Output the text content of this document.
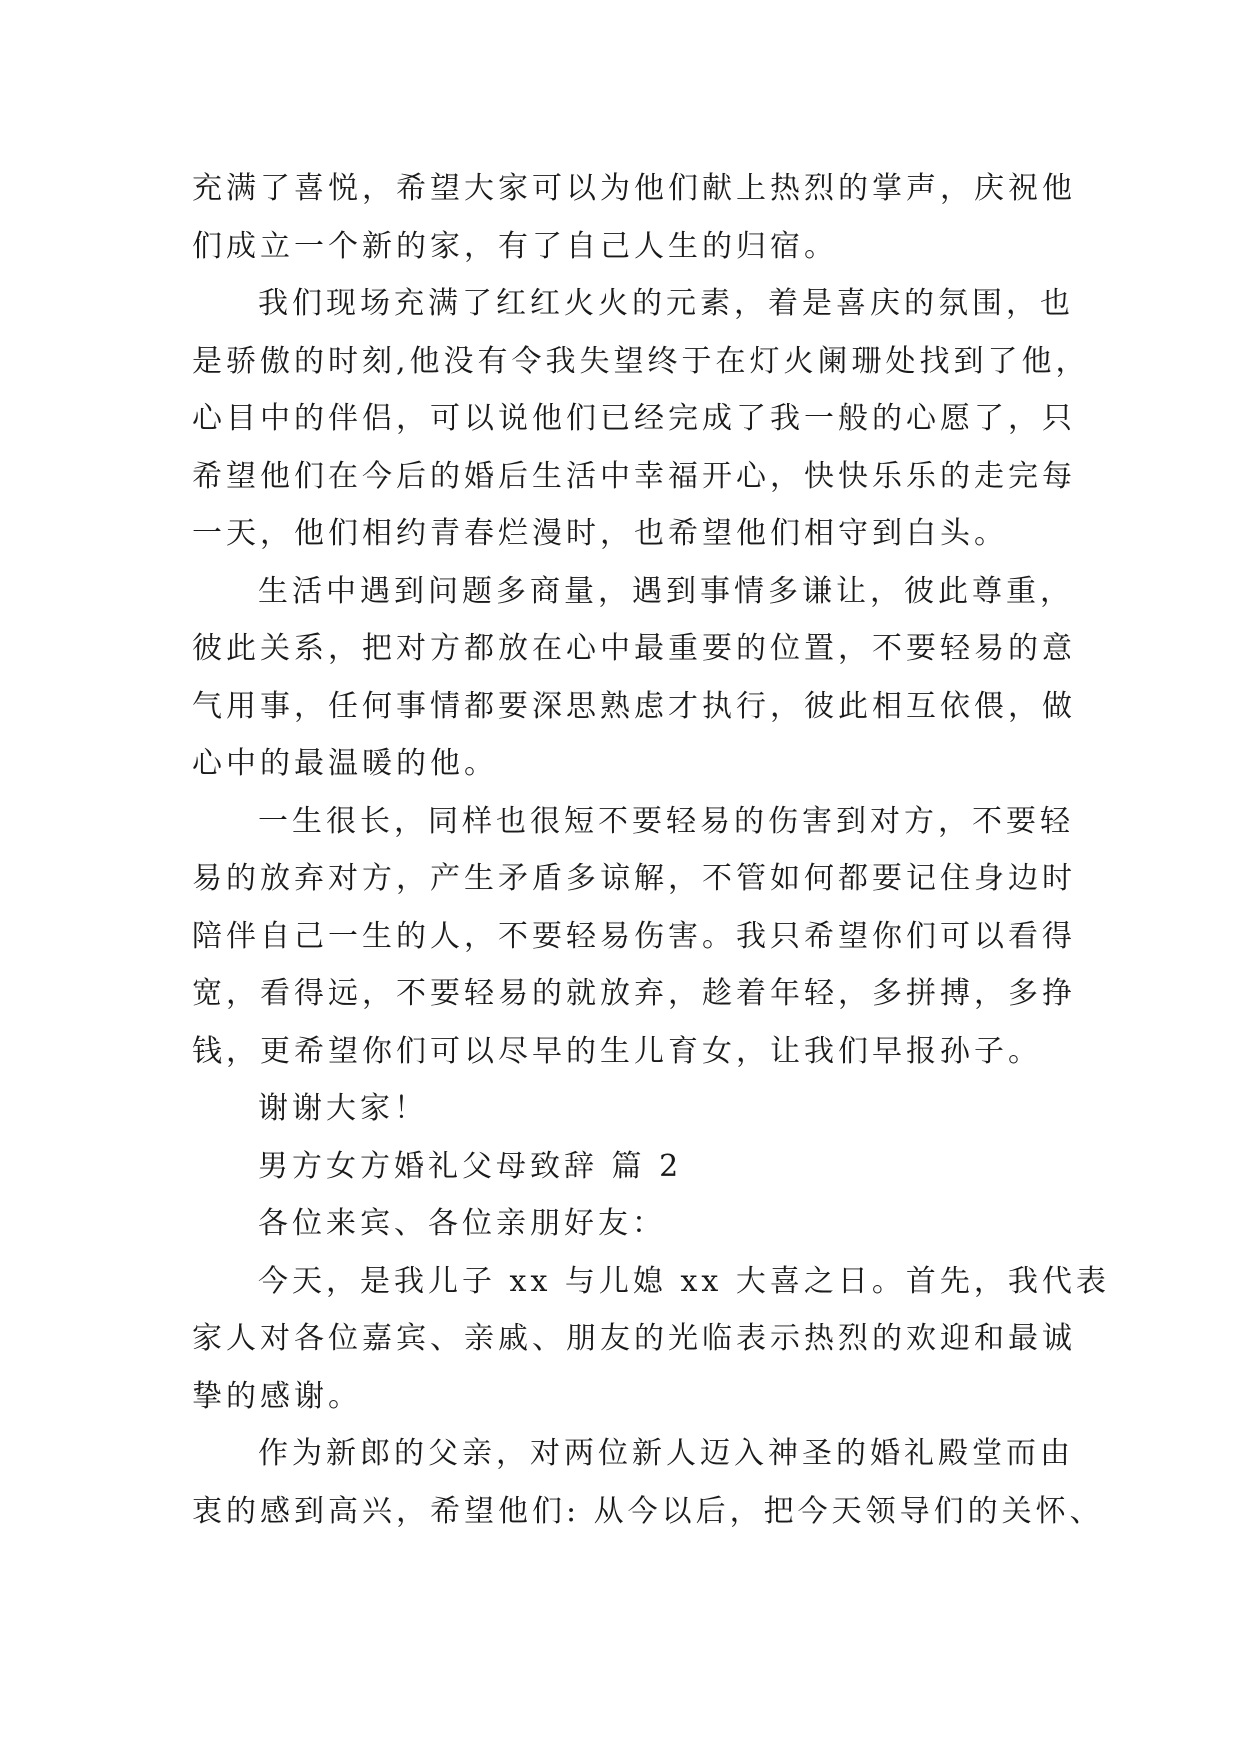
充满了喜悦，希望大家可以为他们献上热烈的掌声，庆祝他
们成立一个新的家，有了自己人生的归宿。
我们现场充满了红红火火的元素，着是喜庆的氛围，也
是骄傲的时刻,他没有令我失望终于在灯火阑珊处找到了他，
心目中的伴侣，可以说他们已经完成了我一般的心愿了，只
希望他们在今后的婚后生活中幸福开心，快快乐乐的走完每
一天，他们相约青春烂漫时，也希望他们相守到白头。
生活中遇到问题多商量，遇到事情多谦让，彼此尊重，
彼此关系，把对方都放在心中最重要的位置，不要轻易的意
气用事，任何事情都要深思熟虑才执行，彼此相互依偎，做
心中的最温暖的他。
一生很长，同样也很短不要轻易的伤害到对方，不要轻
易的放弃对方，产生矛盾多谅解，不管如何都要记住身边时
陪伴自己一生的人，不要轻易伤害。我只希望你们可以看得
宽，看得远，不要轻易的就放弃，趁着年轻，多拼搏，多挣
钱，更希望你们可以尽早的生儿育女，让我们早报孙子。
谢谢大家！
男方女方婚礼父母致辞 篇 2
各位来宾、各位亲朋好友：
今天，是我儿子 xx 与儿媳 xx 大喜之日。首先，我代表
家人对各位嘉宾、亲戚、朋友的光临表示热烈的欢迎和最诚
挚的感谢。
作为新郎的父亲，对两位新人迈入神圣的婚礼殿堂而由
衷的感到高兴，希望他们: 从今以后，把今天领导们的关怀、
